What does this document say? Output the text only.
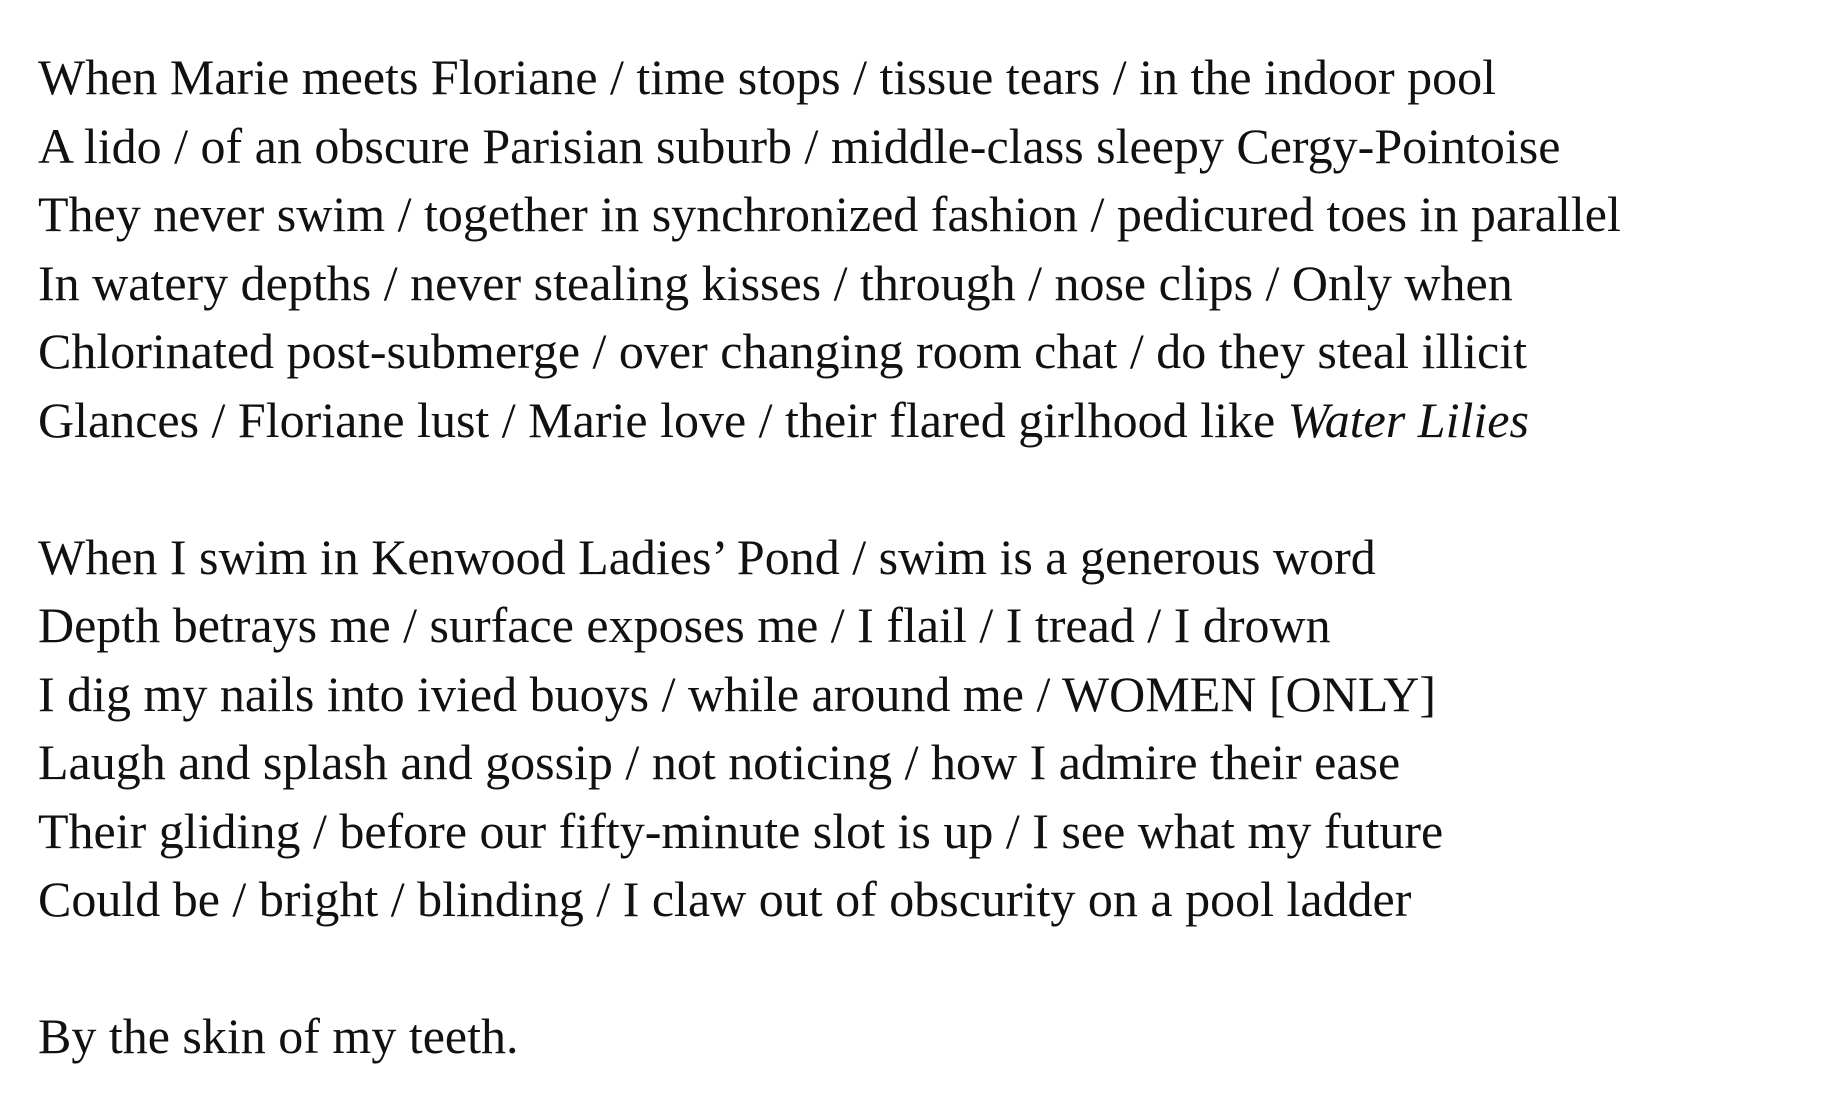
When Marie meets Floriane / time stops / tissue tears / in the indoor pool
A lido / of an obscure Parisian suburb / middle-class sleepy Cergy-Pointoise
They never swim / together in synchronized fashion / pedicured toes in parallel
In watery depths / never stealing kisses / through / nose clips / Only when
Chlorinated post-submerge / over changing room chat / do they steal illicit
Glances / Floriane lust / Marie love / their flared girlhood like Water Lilies
When I swim in Kenwood Ladies’ Pond / swim is a generous word
Depth betrays me / surface exposes me / I flail / I tread / I drown
I dig my nails into ivied buoys / while around me / WOMEN [ONLY]
Laugh and splash and gossip / not noticing / how I admire their ease
Their gliding / before our fifty-minute slot is up / I see what my future
Could be / bright / blinding / I claw out of obscurity on a pool ladder
By the skin of my teeth.
